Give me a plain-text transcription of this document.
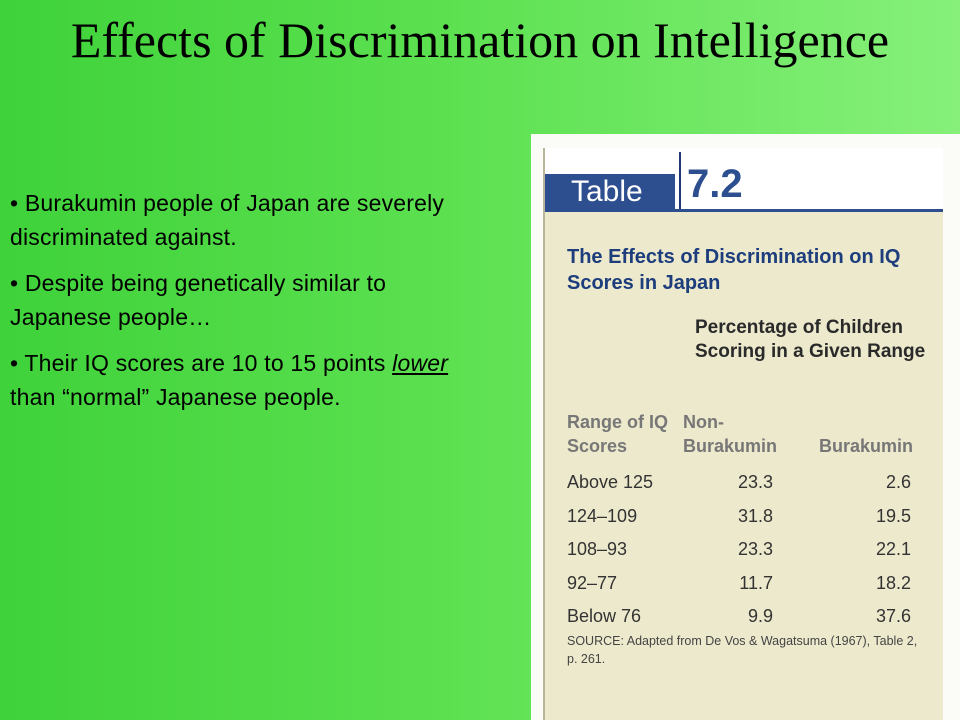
Effects of Discrimination on Intelligence
• Burakumin people of Japan are severely discriminated against.
• Despite being genetically similar to Japanese people…
• Their IQ scores are 10 to 15 points lower than “normal” Japanese people.
Table	7.2
The Effects of Discrimination on IQ Scores in Japan
Percentage of Children Scoring in a Given Range
Range of IQ Scores
Non-Burakumin	Burakumin
Above 125	23.3	2.6
124–109	31.8	19.5
108–93	23.3	22.1
92–77	11.7	18.2
Below 76	9.9	37.6
SOURCE: Adapted from De Vos & Wagatsuma (1967), Table 2, p. 261.
